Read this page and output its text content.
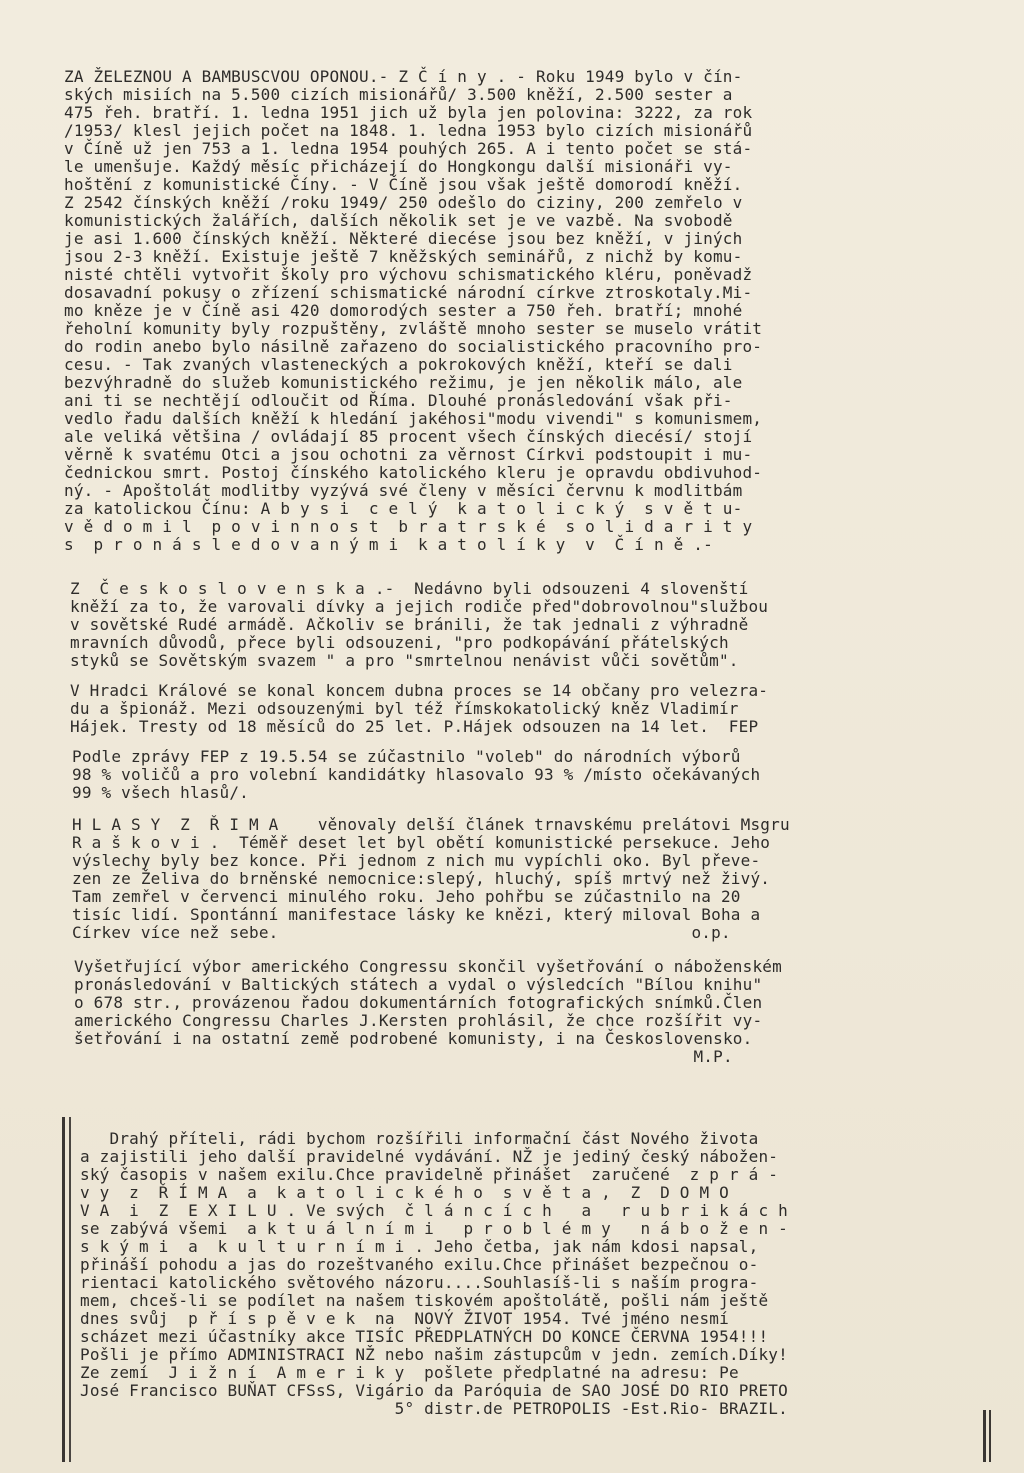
ZA ŽELEZNOU A BAMBUSCVOU OPONOU.- Z Č í n y . - Roku 1949 bylo v čín-
ských misiích na 5.500 cizích misionářů/ 3.500 kněží, 2.500 sester a
475 řeh. bratří. 1. ledna 1951 jich už byla jen polovina: 3222, za rok
/1953/ klesl jejich počet na 1848. 1. ledna 1953 bylo cizích misionářů
v Číně už jen 753 a 1. ledna 1954 pouhých 265. A i tento počet se stá-
le umenšuje. Každý měsíc přicházejí do Hongkongu další misionáři vy-
hoštění z komunistické Číny. - V Číně jsou však ještě domorodí kněží.
Z 2542 čínských kněží /roku 1949/ 250 odešlo do ciziny, 200 zemřelo v
komunistických žalářích, dalších několik set je ve vazbě. Na svobodě
je asi 1.600 čínských kněží. Některé diecése jsou bez kněží, v jiných
jsou 2-3 kněží. Existuje ještě 7 kněžských seminářů, z nichž by komu-
nisté chtěli vytvořit školy pro výchovu schismatického kléru, poněvadž
dosavadní pokusy o zřízení schismatické národní církve ztroskotaly.Mi-
mo kněze je v Číně asi 420 domorodých sester a 750 řeh. bratří; mnohé
řeholní komunity byly rozpuštěny, zvláště mnoho sester se muselo vrátit
do rodin anebo bylo násilně zařazeno do socialistického pracovního pro-
cesu. - Tak zvaných vlasteneckých a pokrokových kněží, kteří se dali
bezvýhradně do služeb komunistického režimu, je jen několik málo, ale
ani ti se nechtějí odloučit od Říma. Dlouhé pronásledování však při-
vedlo řadu dalších kněží k hledání jakéhosi"modu vivendi" s komunismem,
ale veliká většina / ovládají 85 procent všech čínských diecésí/ stojí
věrně k svatému Otci a jsou ochotni za věrnost Církvi podstoupit i mu-
čednickou smrt. Postoj čínského katolického kleru je opravdu obdivuhod-
ný. - Apoštolát modlitby vyzývá své členy v měsíci červnu k modlitbám
za katolickou Čínu: A b y s i  c e l ý  k a t o l i c k ý  s v ě t u-
v ě d o m i l  p o v i n n o s t  b r a t r s k é  s o l i d a r i t y
s  p r o n á s l e d o v a n ý m i  k a t o l í k y  v  Č í n ě .-
Z  Č e s k o s l o v e n s k a .-  Nedávno byli odsouzeni 4 slovenští
kněží za to, že varovali dívky a jejich rodiče před"dobrovolnou"službou
v sovětské Rudé armádě. Ačkoliv se bránili, že tak jednali z výhradně
mravních důvodů, přece byli odsouzeni, "pro podkopávání přátelských
styků se Sovětským svazem " a pro "smrtelnou nenávist vůči sovětům".
V Hradci Králové se konal koncem dubna proces se 14 občany pro velezra-
du a špionáž. Mezi odsouzenými byl též římskokatolický kněz Vladimír
Hájek. Tresty od 18 měsíců do 25 let. P.Hájek odsouzen na 14 let.  FEP
Podle zprávy FEP z 19.5.54 se zúčastnilo "voleb" do národních výborů
98 % voličů a pro volební kandidátky hlasovalo 93 % /místo očekávaných
99 % všech hlasů/.
H L A S Y  Z  Ř I M A    věnovaly delší článek trnavskému prelátovi Msgru
R a š k o v i .  Téměř deset let byl obětí komunistické persekuce. Jeho
výslechy byly bez konce. Při jednom z nich mu vypíchli oko. Byl převe-
zen ze Želiva do brněnské nemocnice:slepý, hluchý, spíš mrtvý než živý.
Tam zemřel v červenci minulého roku. Jeho pohřbu se zúčastnilo na 20
tisíc lidí. Spontánní manifestace lásky ke knězi, který miloval Boha a
Církev více než sebe.                                          o.p.
Vyšetřující výbor amerického Congressu skončil vyšetřování o náboženském
pronásledování v Baltických státech a vydal o výsledcích "Bílou knihu"
o 678 str., provázenou řadou dokumentárních fotografických snímků.Člen
amerického Congressu Charles J.Kersten prohlásil, že chce rozšířit vy-
šetřování i na ostatní země podrobené komunisty, i na Československo.
M.P.
Drahý příteli, rádi bychom rozšířili informační část Nového života
a zajistili jeho další pravidelné vydávání. NŽ je jediný český nábožen-
ský časopis v našem exilu.Chce pravidelně přinášet  zaručené  z p r á -
v y  z  Ř Í M A  a  k a t o l i c k é h o  s v ě t a ,  Z  D O M O
V A  i  Z  E X I L U . Ve svých  č l á n c í c h   a   r u b r i k á c h
se zabývá všemi  a k t u á l n í m i   p r o b l é m y   n á b o ž e n -
s k ý m i  a  k u l t u r n í m i . Jeho četba, jak nám kdosi napsal,
přináší pohodu a jas do rozeštvaného exilu.Chce přinášet bezpečnou o-
rientaci katolického světového názoru....Souhlasíš-li s naším progra-
mem, chceš-li se podílet na našem tiskovém apoštolátě, pošli nám ještě
dnes svůj  p ř í s p ě v e k  na  NOVÝ ŽIVOT 1954. Tvé jméno nesmí
scházet mezi účastníky akce TISÍC PŘEDPLATNÝCH DO KONCE ČERVNA 1954!!!
Pošli je přímo ADMINISTRACI NŽ nebo našim zástupcům v jedn. zemích.Díky!
Ze zemí  J i ž n í  A m e r i k y  pošlete předplatné na adresu: Pe
José Francisco BUŇAT CFSsS, Vigário da Paróquia de SAO JOSÉ DO RIO PRETO
5° distr.de PETROPOLIS -Est.Rio- BRAZIL.
